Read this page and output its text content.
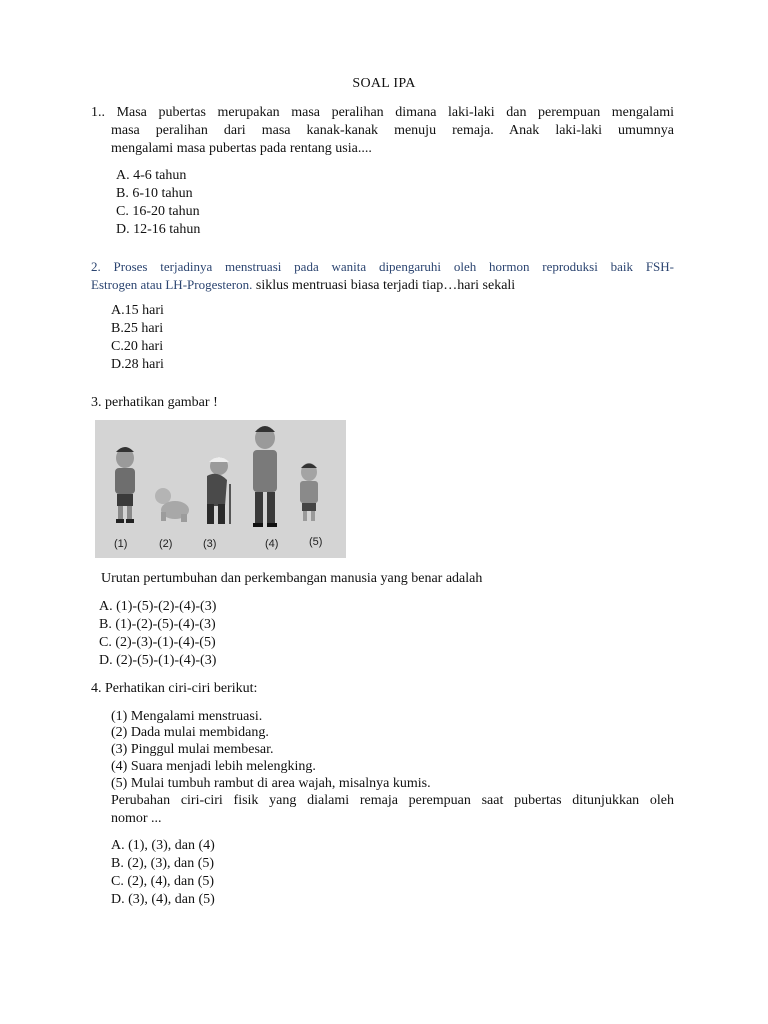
SOAL IPA
1.. Masa pubertas merupakan masa peralihan dimana laki-laki dan perempuan mengalami
masa peralihan dari masa kanak-kanak menuju remaja. Anak laki-laki umumnya
mengalami masa pubertas pada rentang usia....
A. 4-6 tahun
B. 6-10 tahun
C. 16-20 tahun
D. 12-16 tahun
2. Proses terjadinya menstruasi pada wanita dipengaruhi oleh hormon reproduksi baik FSH-
Estrogen atau LH-Progesteron. siklus mentruasi biasa terjadi tiap…hari sekali
A.15 hari
B.25 hari
C.20 hari
D.28 hari
3. perhatikan gambar !
(1)	(2)	(3)	(4)	(5)
Urutan pertumbuhan dan perkembangan manusia yang benar adalah
A. (1)-(5)-(2)-(4)-(3)
B. (1)-(2)-(5)-(4)-(3)
C. (2)-(3)-(1)-(4)-(5)
D. (2)-(5)-(1)-(4)-(3)
4. Perhatikan ciri-ciri berikut:
(1) Mengalami menstruasi.
(2) Dada mulai membidang.
(3) Pinggul mulai membesar.
(4) Suara menjadi lebih melengking.
(5) Mulai tumbuh rambut di area wajah, misalnya kumis.
Perubahan ciri-ciri fisik yang dialami remaja perempuan saat pubertas ditunjukkan oleh
nomor ...
A. (1), (3), dan (4)
B. (2), (3), dan (5)
C. (2), (4), dan (5)
D. (3), (4), dan (5)
